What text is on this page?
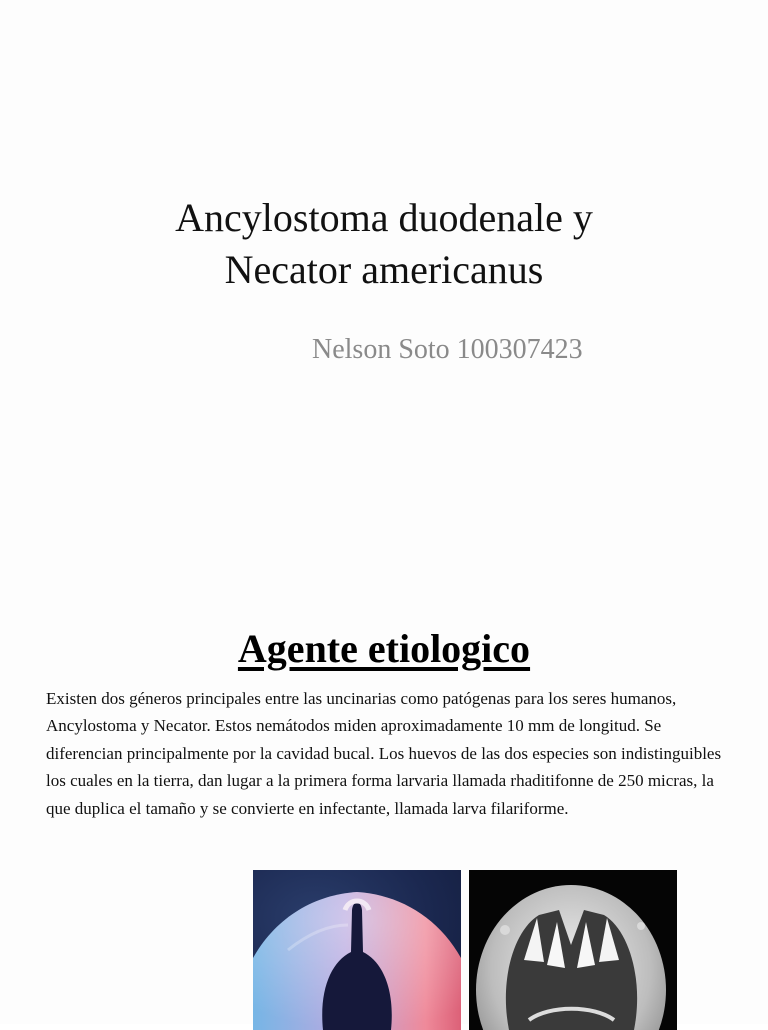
Ancylostoma duodenale y
Necator americanus
Nelson Soto 100307423
Agente etiologico

Existen dos géneros principales entre las uncinarias como patógenas para los seres humanos, Ancylostoma y Necator. Estos nemátodos miden aproximadamente 10 mm de longitud. Se diferencian principalmente por la cavidad bucal. Los huevos de las dos especies son indistinguibles los cuales en la tierra, dan lugar a la primera forma larvaria llamada rhaditifonne de 250 micras, la que duplica el tamaño y se convierte en infectante, llamada larva filariforme.
